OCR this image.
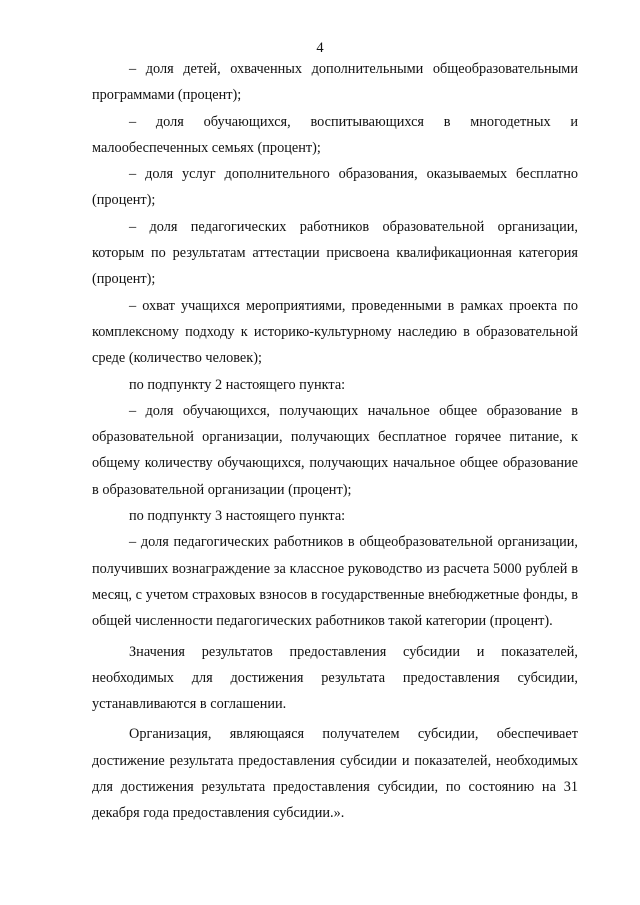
4

– доля детей, охваченных дополнительными общеобразовательными программами (процент);

– доля обучающихся, воспитывающихся в многодетных и малообеспеченных семьях (процент);

– доля услуг дополнительного образования, оказываемых бесплатно (процент);

– доля педагогических работников образовательной организации, которым по результатам аттестации присвоена квалификационная категория (процент);

– охват учащихся мероприятиями, проведенными в рамках проекта по комплексному подходу к историко-культурному наследию в образовательной среде (количество человек);

по подпункту 2 настоящего пункта:

– доля обучающихся, получающих начальное общее образование в образовательной организации, получающих бесплатное горячее питание, к общему количеству обучающихся, получающих начальное общее образование в образовательной организации (процент);

по подпункту 3 настоящего пункта:

– доля педагогических работников в общеобразовательной организации, получивших вознаграждение за классное руководство из расчета 5000 рублей в месяц, с учетом страховых взносов в государственные внебюджетные фонды, в общей численности педагогических работников такой категории (процент).

Значения результатов предоставления субсидии и показателей, необходимых для достижения результата предоставления субсидии, устанавливаются в соглашении.

Организация, являющаяся получателем субсидии, обеспечивает достижение результата предоставления субсидии и показателей, необходимых для достижения результата предоставления субсидии, по состоянию на 31 декабря года предоставления субсидии.».
